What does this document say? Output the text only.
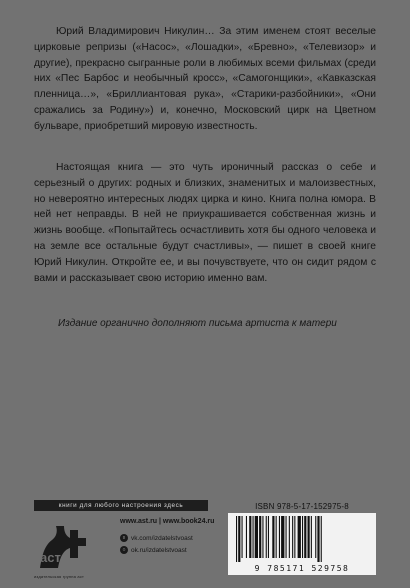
Юрий Владимирович Никулин… За этим именем стоят веселые цирковые репризы («Насос», «Лошадки», «Бревно», «Телевизор» и другие), прекрасно сыгранные роли в любимых всеми фильмах (среди них «Пес Барбос и необычный кросс», «Самогонщики», «Кавказская пленница…», «Бриллиантовая рука», «Старики-разбойники», «Они сражались за Родину») и, конечно, Московский цирк на Цветном бульваре, приобретший мировую известность.

Настоящая книга — это чуть ироничный рассказ о себе и серьезный о других: родных и близких, знаменитых и малоизвестных, но невероятно интересных людях цирка и кино. Книга полна юмора. В ней нет неправды. В ней не приукрашивается собственная жизнь и жизнь вообще. «Попытайтесь осчастливить хотя бы одного человека и на земле все остальные будут счастливы», — пишет в своей книге Юрий Никулин. Откройте ее, и вы почувствуете, что он сидит рядом с вами и рассказывает свою историю именно вам.

Издание органично дополняют письма артиста к матери

книги для любого настроения здесь
аст
издательская группа аст
www.ast.ru | www.book24.ru
в vk.com/izdatelstvoast
о ok.ru/izdatelstvoast
ISBN 978-5-17-152975-8
9 785171 529758
